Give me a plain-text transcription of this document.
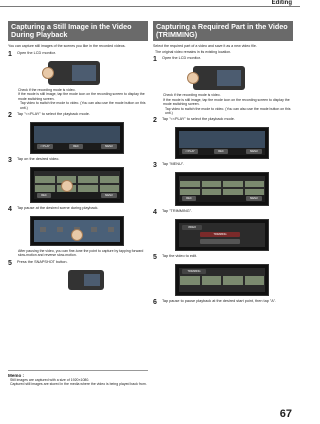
Editing
Capturing a Still Image in the Video During Playback
You can capture still images of the scenes you like in the recorded videos.
1	Open the LCD monitor.
Check if the recording mode is video.
If the mode is still image, tap the mode icon on the recording screen to display the mode switching screen.
Tap video to switch the mode to video. (You can also use the mode button on this unit.)
2	Tap "<<PLAY" to select the playback mode.
<<PLAY	REC	MENU
3	Tap on the desired video.
REC	MENU
4	Tap pause at the desired scene during playback.
After pausing the video, you can fine-tune the point to capture by tapping forward slow-motion and reverse slow-motion.
5	Press the SNAPSHOT button.
Memo :
Still images are captured with a size of 1920×1080.
Captured still images are stored in the media where the video is being played back from.
Capturing a Required Part in the Video (TRIMMING)
Select the required part of a video and save it as a new video file.
The original video remains in its existing location.
1	Open the LCD monitor.
Check if the recording mode is video.
If the mode is still image, tap the mode icon on the recording screen to display the mode switching screen.
Tap video to switch the mode to video. (You can also use the mode button on this unit.)
2	Tap "<<PLAY" to select the playback mode.
<<PLAY	REC	MENU
3	Tap "MENU".
REC	MENU
4	Tap "TRIMMING".
VIDEO
TRIMMING
5	Tap the video to edit.
TRIMMING
6	Tap pause to pause playback at the desired start point, then tap "A".
67
